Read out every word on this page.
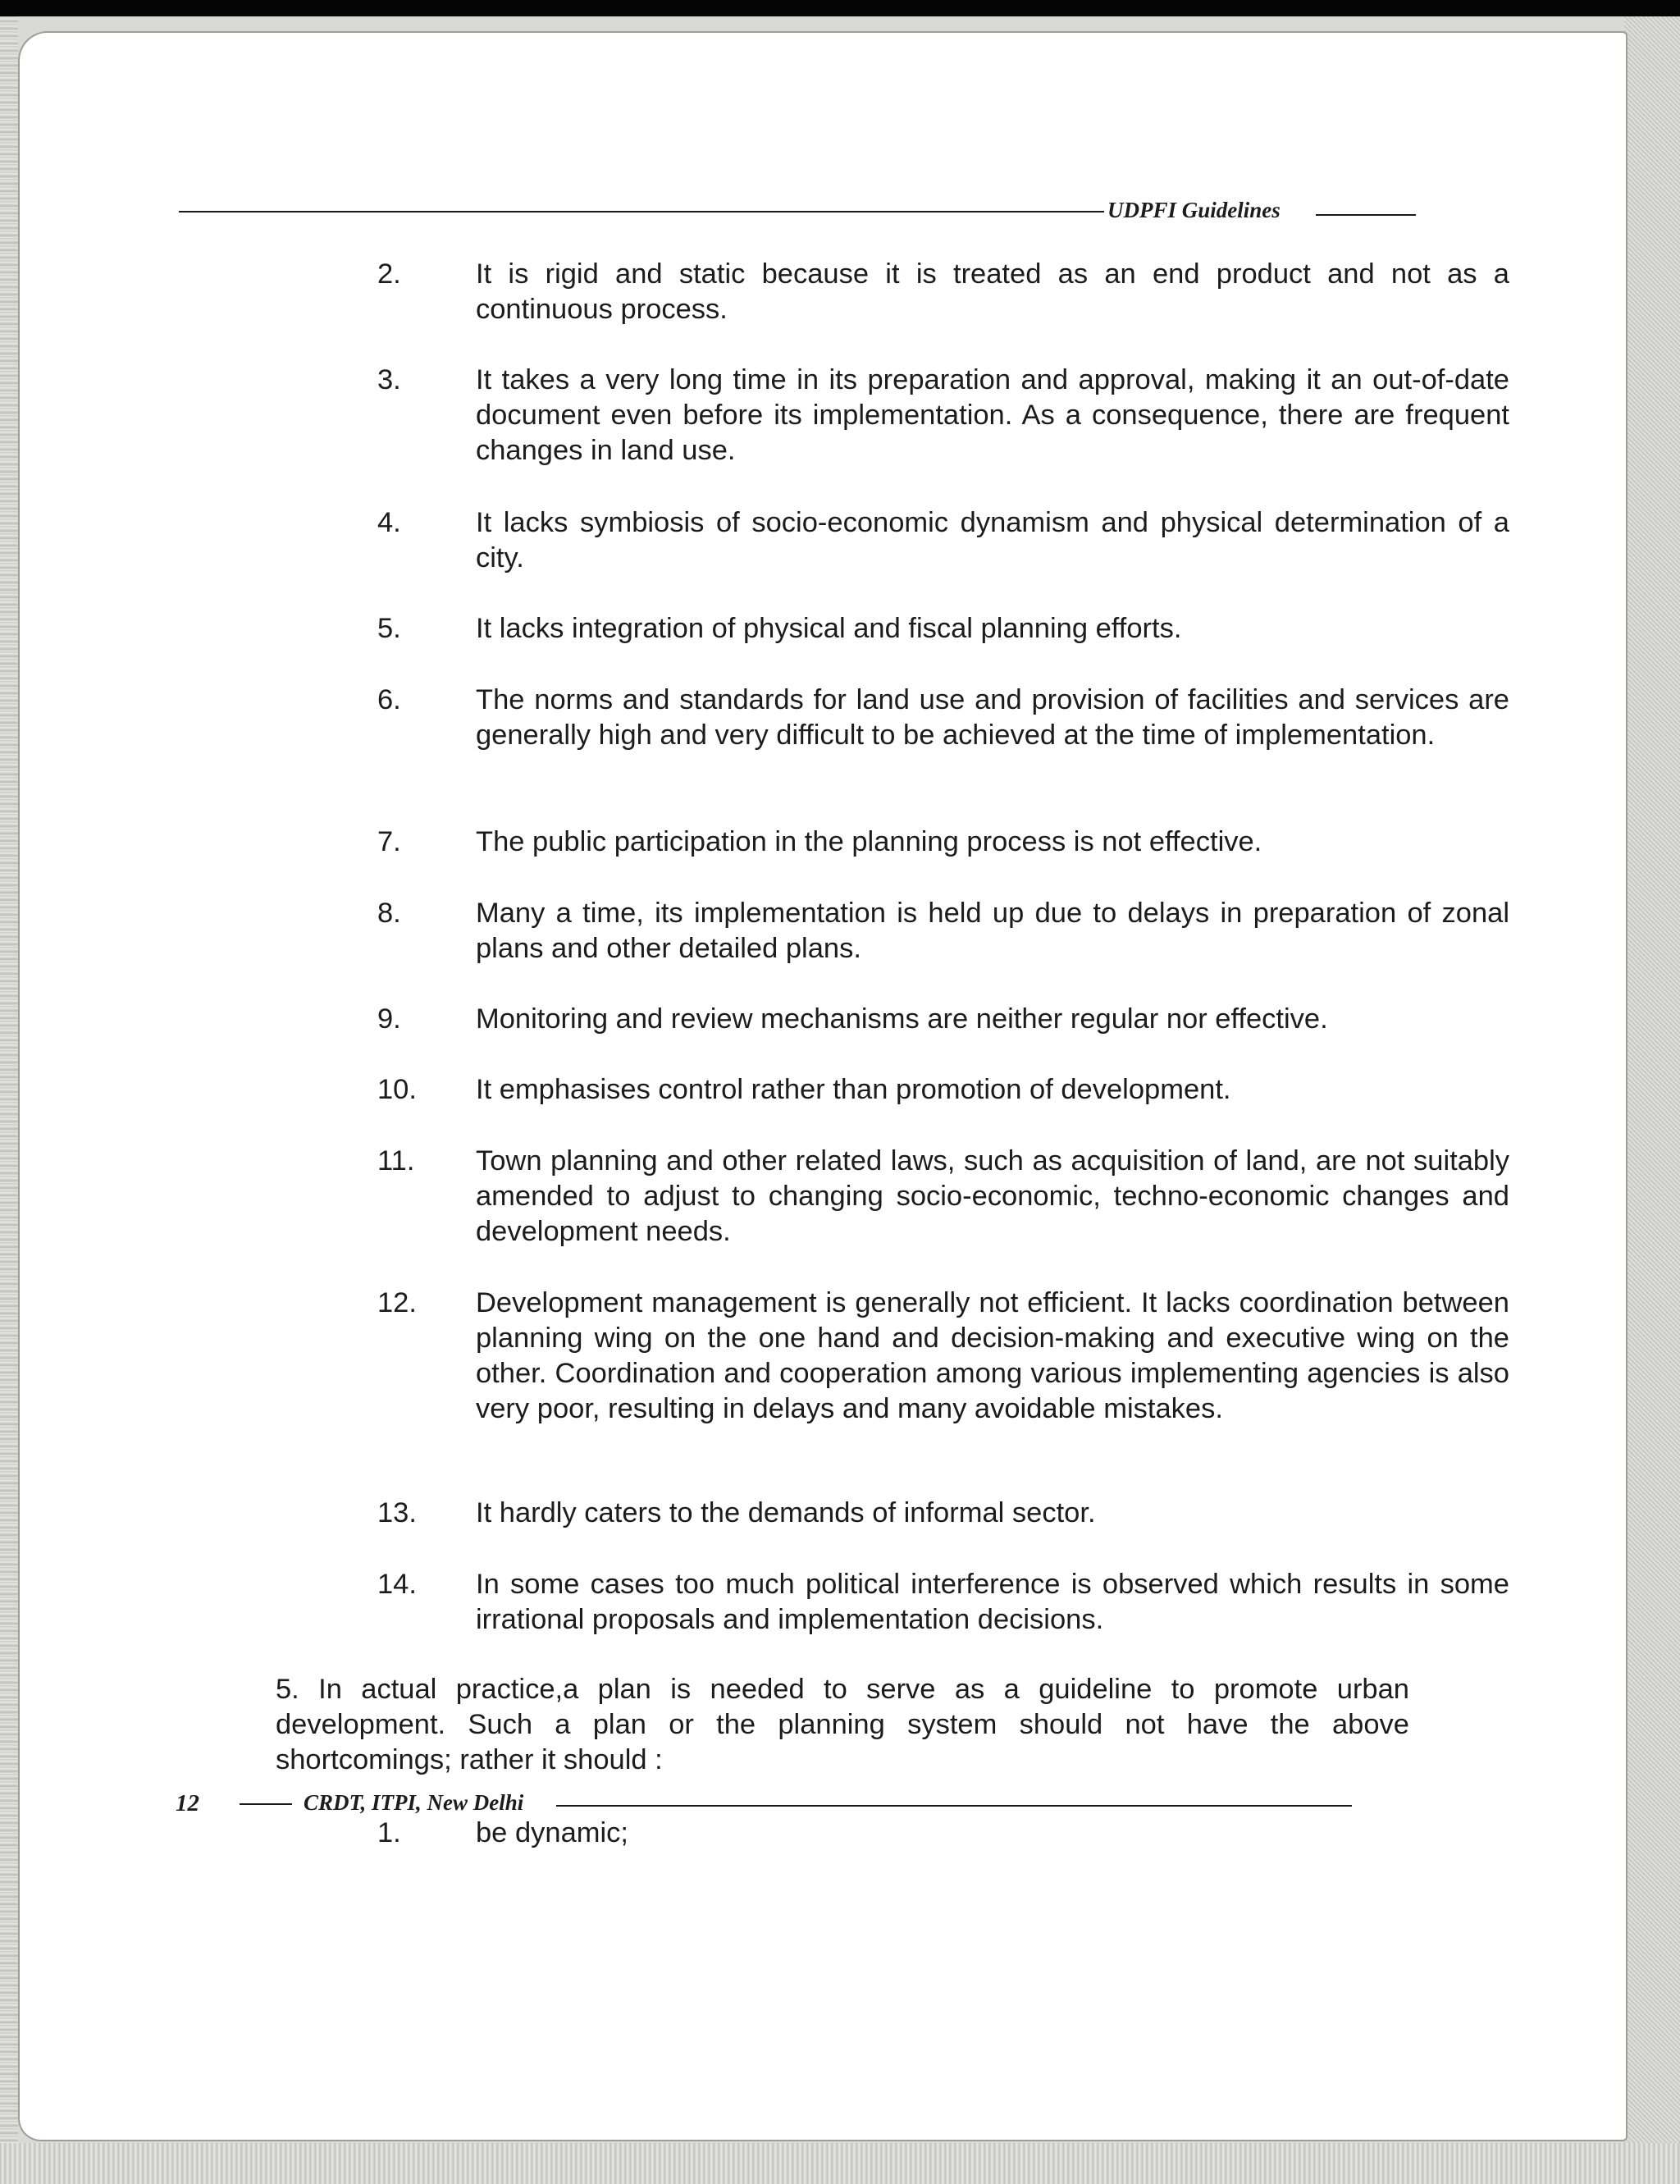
UDPFI Guidelines
2.	It is rigid and static because it is treated as an end product and not as a continuous process.
3.	It takes a very long time in its preparation and approval, making it an out-of-date document even before its implementation. As a consequence, there are frequent changes in land use.
4.	It lacks symbiosis of socio-economic dynamism and physical determination of a city.
5.	It lacks integration of physical and fiscal planning efforts.
6.	The norms and standards for land use and provision of facilities and services are generally high and very difficult to be achieved at the time of implementation.
7.	The public participation in the planning process is not effective.
8.	Many a time, its implementation is held up due to delays in preparation of zonal plans and other detailed plans.
9.	Monitoring and review mechanisms are neither regular nor effective.
10. It emphasises control rather than promotion of development.
11. Town planning and other related laws, such as acquisition of land, are not suitably amended to adjust to changing socio-economic, techno-economic changes and development needs.
12. Development management is generally not efficient. It lacks coordination between planning wing on the one hand and decision-making and executive wing on the other. Coordination and cooperation among various implementing agencies is also very poor, resulting in delays and many avoidable mistakes.
13. It hardly caters to the demands of informal sector.
14. In some cases too much political interference is observed which results in some irrational proposals and implementation decisions.
5. In actual practice,a plan is needed to serve as a guideline to promote urban development. Such a plan or the planning system should not have the above shortcomings; rather it should :
1.	be dynamic;
12	CRDT, ITPI, New Delhi
